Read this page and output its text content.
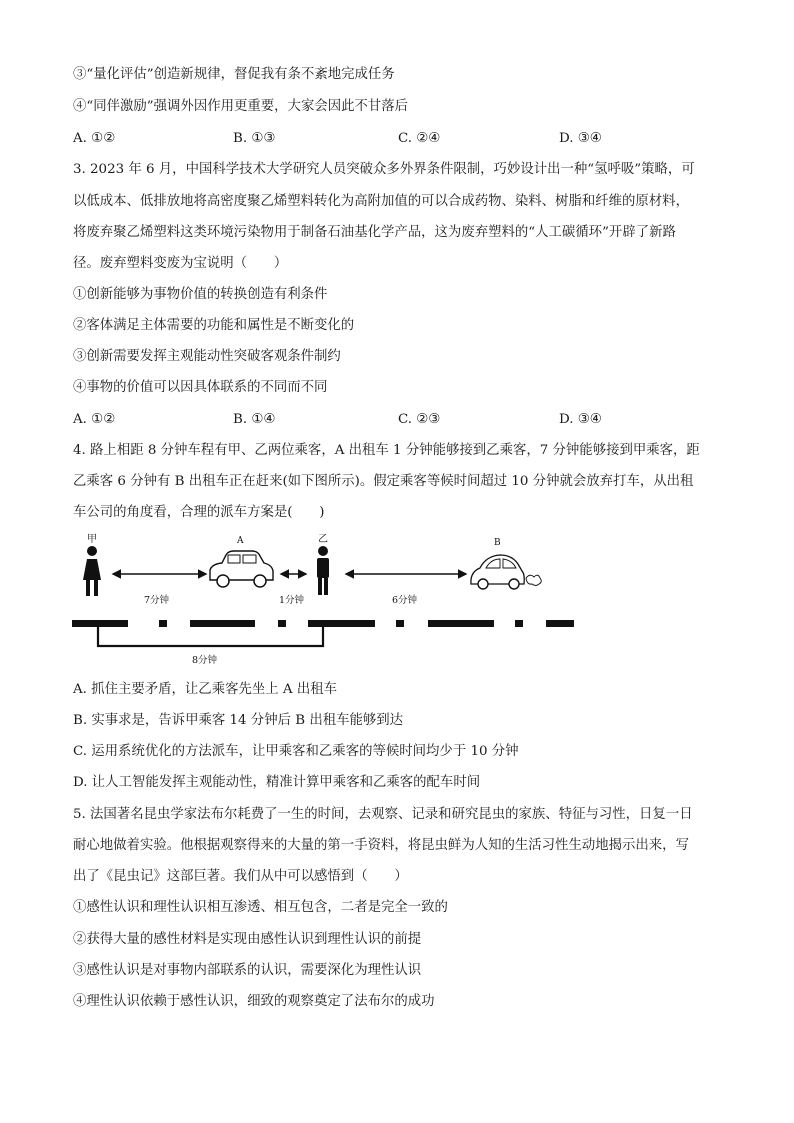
③“量化评估”创造新规律，督促我有条不紊地完成任务
④“同伴激励”强调外因作用更重要，大家会因此不甘落后
A. ①②	B. ①③	C. ②④	D. ③④
3. 2023 年 6 月，中国科学技术大学研究人员突破众多外界条件限制，巧妙设计出一种“氢呼吸”策略，可
以低成本、低排放地将高密度聚乙烯塑料转化为高附加值的可以合成药物、染料、树脂和纤维的原材料，
将废弃聚乙烯塑料这类环境污染物用于制备石油基化学产品，这为废弃塑料的“人工碳循环”开辟了新路
径。废弃塑料变废为宝说明（　　）
①创新能够为事物价值的转换创造有利条件
②客体满足主体需要的功能和属性是不断变化的
③创新需要发挥主观能动性突破客观条件制约
④事物的价值可以因具体联系的不同而不同
A. ①②	B. ①④	C. ②③	D. ③④
4. 路上相距 8 分钟车程有甲、乙两位乘客，A 出租车 1 分钟能够接到乙乘客，7 分钟能够接到甲乘客，距
乙乘客 6 分钟有 B 出租车正在赶来(如下图所示)。假定乘客等候时间超过 10 分钟就会放弃打车，从出租
车公司的角度看，合理的派车方案是(　　)
甲
7分钟
A
1分钟
乙
6分钟
B
8分钟
A. 抓住主要矛盾，让乙乘客先坐上 A 出租车
B. 实事求是，告诉甲乘客 14 分钟后 B 出租车能够到达
C. 运用系统优化的方法派车，让甲乘客和乙乘客的等候时间均少于 10 分钟
D. 让人工智能发挥主观能动性，精准计算甲乘客和乙乘客的配车时间
5. 法国著名昆虫学家法布尔耗费了一生的时间，去观察、记录和研究昆虫的家族、特征与习性，日复一日
耐心地做着实验。他根据观察得来的大量的第一手资料，将昆虫鲜为人知的生活习性生动地揭示出来，写
出了《昆虫记》这部巨著。我们从中可以感悟到（　　）
①感性认识和理性认识相互渗透、相互包含，二者是完全一致的
②获得大量的感性材料是实现由感性认识到理性认识的前提
③感性认识是对事物内部联系的认识，需要深化为理性认识
④理性认识依赖于感性认识，细致的观察奠定了法布尔的成功
